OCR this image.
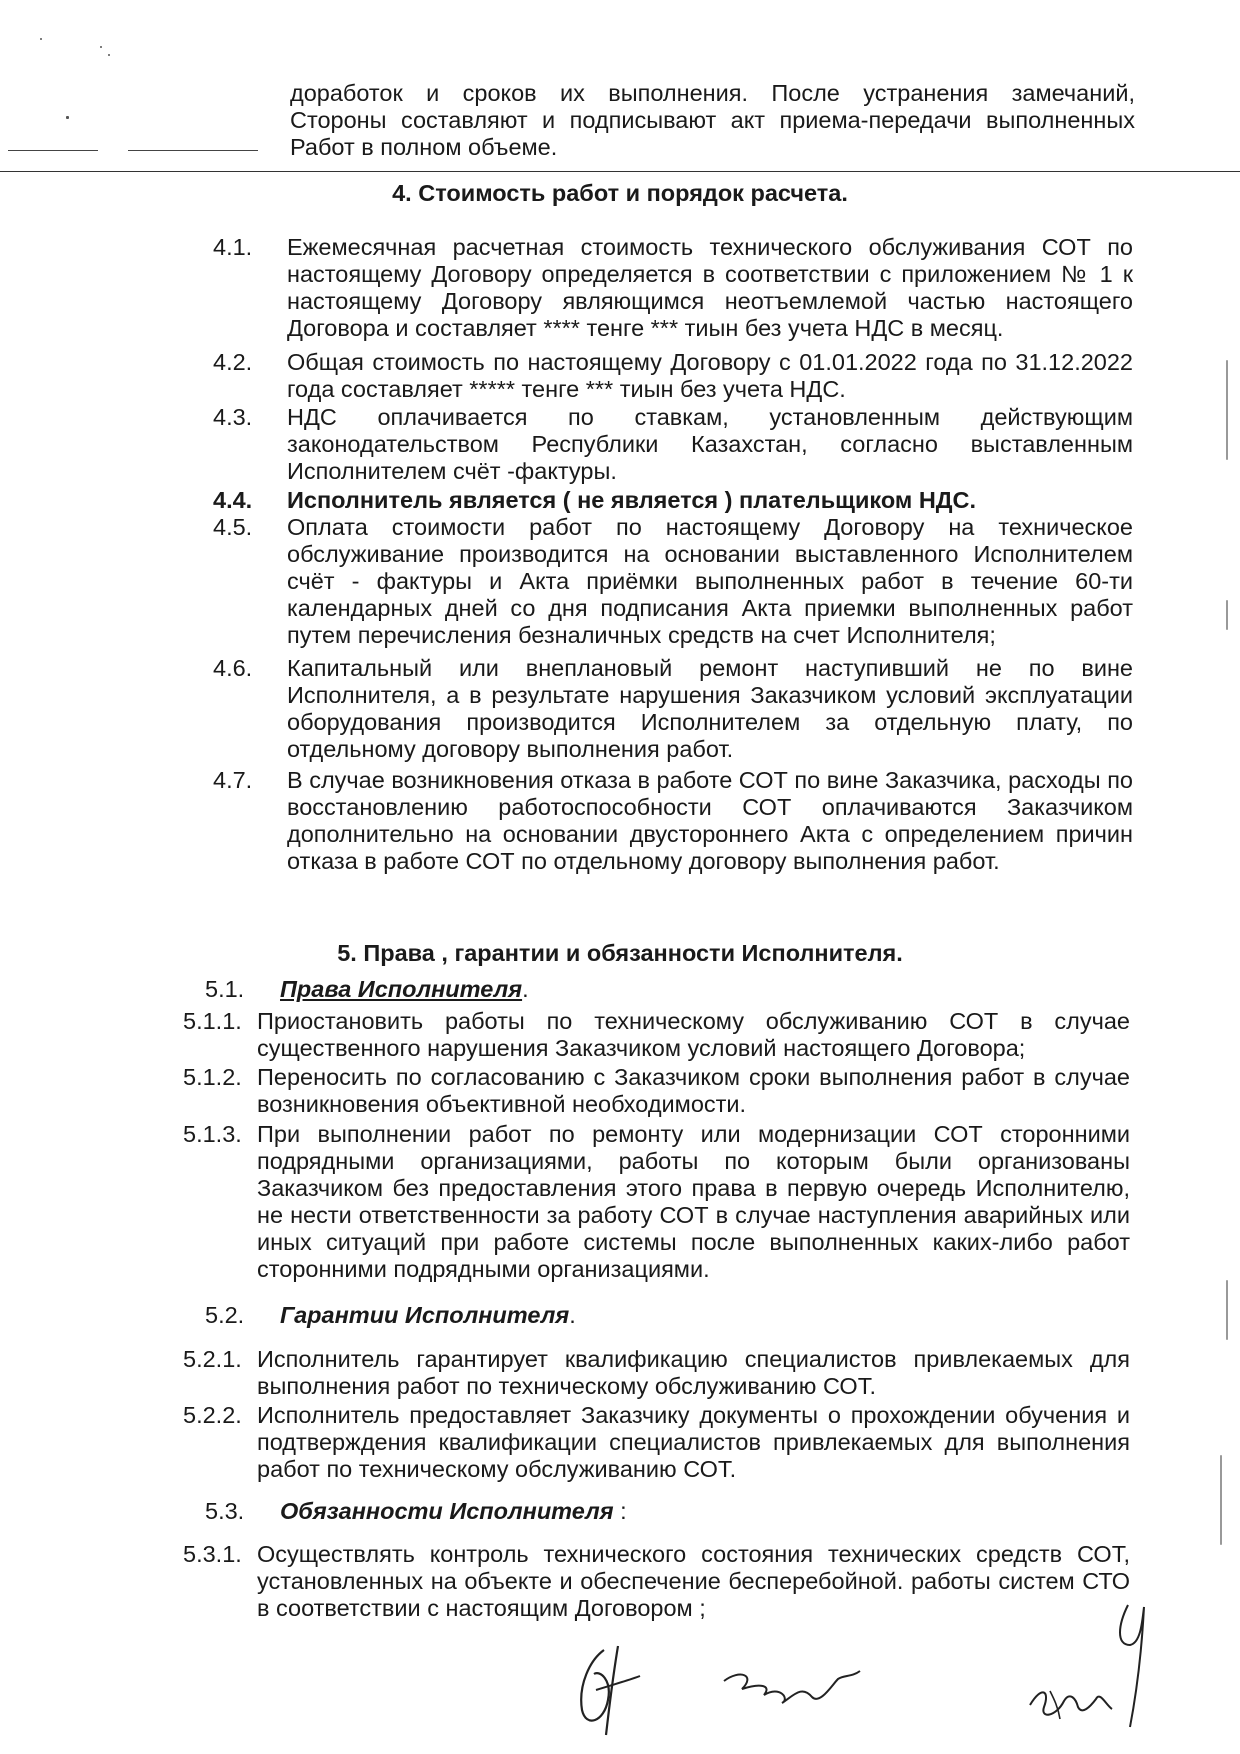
доработок и сроков их выполнения. После устранения замечаний,
Стороны составляют и подписывают акт приема-передачи выполненных
Работ в полном объеме.
4. Стоимость работ и порядок расчета.
4.1.	Ежемесячная расчетная стоимость технического обслуживания СОТ по настоящему Договору определяется в соответствии с приложением № 1 к настоящему Договору являющимся неотъемлемой частью настоящего Договора и составляет **** тенге *** тиын без учета НДС в месяц.
4.2.	Общая стоимость по настоящему Договору с 01.01.2022 года по 31.12.2022 года составляет ***** тенге *** тиын без учета НДС.
4.3.	НДС оплачивается по ставкам, установленным действующим законодательством Республики Казахстан, согласно выставленным Исполнителем счёт -фактуры.
4.4.	Исполнитель является ( не является ) плательщиком НДС.
4.5.	Оплата стоимости работ по настоящему Договору на техническое обслуживание производится на основании выставленного Исполнителем счёт - фактуры и Акта приёмки выполненных работ в течение 60-ти календарных дней со дня подписания Акта приемки выполненных работ путем перечисления безналичных средств на счет Исполнителя;
4.6.	Капитальный или внеплановый ремонт наступивший не по вине Исполнителя, а в результате нарушения Заказчиком условий эксплуатации оборудования производится Исполнителем за отдельную плату, по отдельному договору выполнения работ.
4.7.	В случае возникновения отказа в работе СОТ по вине Заказчика, расходы по восстановлению работоспособности СОТ оплачиваются Заказчиком дополнительно на основании двустороннего Акта с определением причин отказа в работе СОТ по отдельному договору выполнения работ.
5. Права , гарантии и обязанности Исполнителя.
5.1.	Права Исполнителя.
5.1.1. Приостановить работы по техническому обслуживанию СОТ в случае существенного нарушения Заказчиком условий настоящего Договора;
5.1.2. Переносить по согласованию с Заказчиком сроки выполнения работ в случае возникновения объективной необходимости.
5.1.3. При выполнении работ по ремонту или модернизации СОТ сторонними подрядными организациями, работы по которым были организованы Заказчиком без предоставления этого права в первую очередь Исполнителю, не нести ответственности за работу СОТ в случае наступления аварийных или иных ситуаций при работе системы после выполненных каких-либо работ сторонними подрядными организациями.
5.2.	Гарантии Исполнителя.
5.2.1. Исполнитель гарантирует квалификацию специалистов привлекаемых для выполнения работ по техническому обслуживанию СОТ.
5.2.2. Исполнитель предоставляет Заказчику документы о прохождении обучения и подтверждения квалификации специалистов привлекаемых для выполнения работ по техническому обслуживанию СОТ.
5.3.	Обязанности Исполнителя :
5.3.1. Осуществлять контроль технического состояния технических средств СОТ, установленных на объекте и обеспечение бесперебойной. работы систем СТО в соответствии с настоящим Договором ;
